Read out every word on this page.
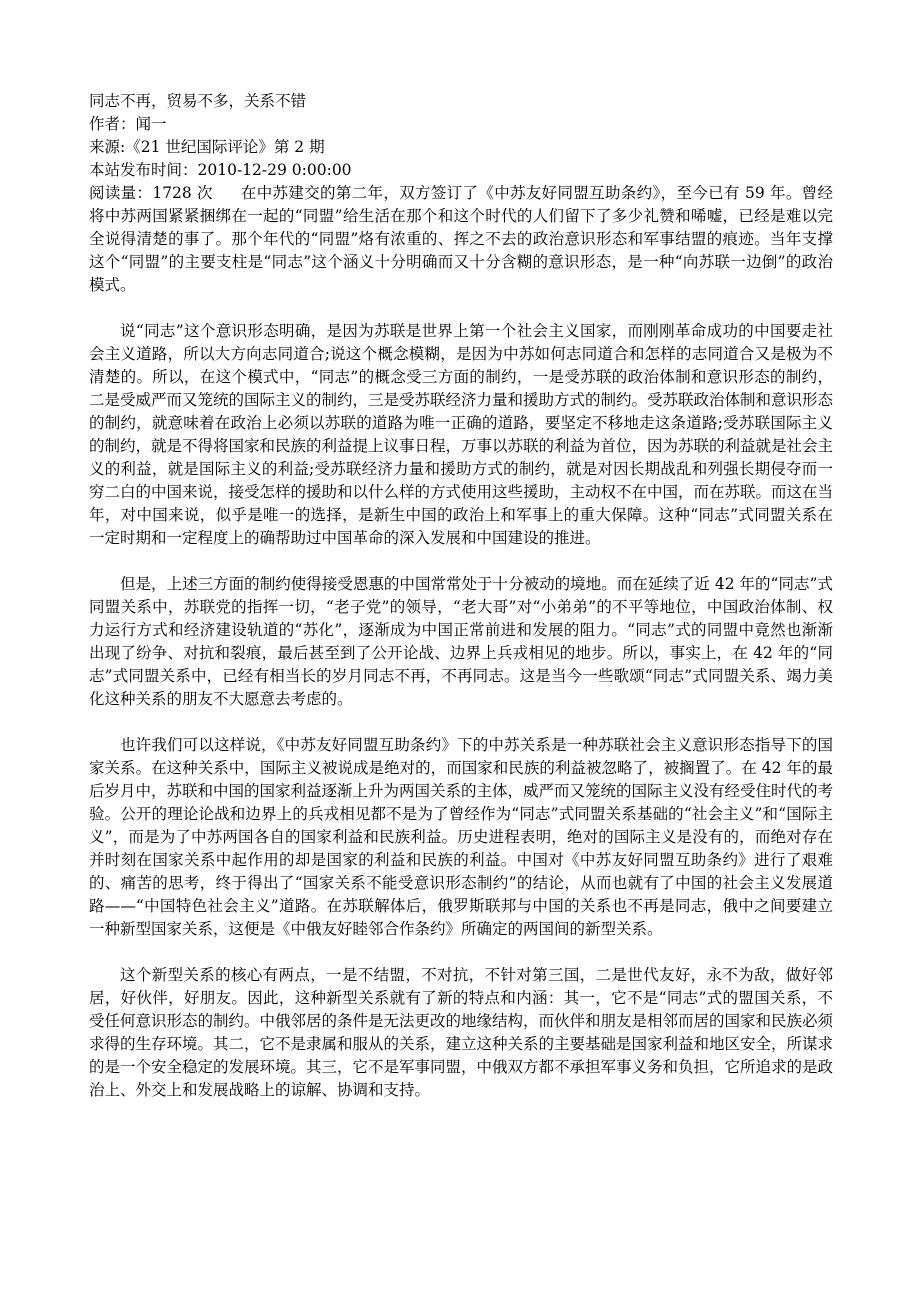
同志不再，贸易不多，关系不错
作者：闻一
来源:《21 世纪国际评论》第 2 期
本站发布时间：2010-12-29 0:00:00

阅读量：1728 次 在中苏建交的第二年，双方签订了《中苏友好同盟互助条约》，至今已有 59 年。曾经将中苏两国紧紧捆绑在一起的“同盟”给生活在那个和这个时代的人们留下了多少礼赞和唏嘘，已经是难以完全说得清楚的事了。那个年代的“同盟”烙有浓重的、挥之不去的政治意识形态和军事结盟的痕迹。当年支撑这个“同盟”的主要支柱是“同志”这个涵义十分明确而又十分含糊的意识形态，是一种“向苏联一边倒”的政治模式。

说“同志”这个意识形态明确，是因为苏联是世界上第一个社会主义国家，而刚刚革命成功的中国要走社会主义道路，所以大方向志同道合;说这个概念模糊，是因为中苏如何志同道合和怎样的志同道合又是极为不清楚的。所以，在这个模式中，“同志”的概念受三方面的制约，一是受苏联的政治体制和意识形态的制约，二是受威严而又笼统的国际主义的制约，三是受苏联经济力量和援助方式的制约。受苏联政治体制和意识形态的制约，就意味着在政治上必须以苏联的道路为唯一正确的道路，要坚定不移地走这条道路;受苏联国际主义的制约，就是不得将国家和民族的利益提上议事日程，万事以苏联的利益为首位，因为苏联的利益就是社会主义的利益，就是国际主义的利益;受苏联经济力量和援助方式的制约，就是对因长期战乱和列强长期侵夺而一穷二白的中国来说，接受怎样的援助和以什么样的方式使用这些援助，主动权不在中国，而在苏联。而这在当年，对中国来说，似乎是唯一的选择，是新生中国的政治上和军事上的重大保障。这种“同志”式同盟关系在一定时期和一定程度上的确帮助过中国革命的深入发展和中国建设的推进。

但是，上述三方面的制约使得接受恩惠的中国常常处于十分被动的境地。而在延续了近 42 年的“同志”式同盟关系中，苏联党的指挥一切，“老子党”的领导，“老大哥”对“小弟弟”的不平等地位，中国政治体制、权力运行方式和经济建设轨道的“苏化”，逐渐成为中国正常前进和发展的阻力。“同志”式的同盟中竟然也渐渐出现了纷争、对抗和裂痕，最后甚至到了公开论战、边界上兵戎相见的地步。所以，事实上，在 42 年的“同志”式同盟关系中，已经有相当长的岁月同志不再，不再同志。这是当今一些歌颂“同志”式同盟关系、竭力美化这种关系的朋友不大愿意去考虑的。

也许我们可以这样说，《中苏友好同盟互助条约》下的中苏关系是一种苏联社会主义意识形态指导下的国家关系。在这种关系中，国际主义被说成是绝对的，而国家和民族的利益被忽略了，被搁置了。在 42 年的最后岁月中，苏联和中国的国家利益逐渐上升为两国关系的主体，威严而又笼统的国际主义没有经受住时代的考验。公开的理论论战和边界上的兵戎相见都不是为了曾经作为“同志”式同盟关系基础的“社会主义”和“国际主义”，而是为了中苏两国各自的国家利益和民族利益。历史进程表明，绝对的国际主义是没有的，而绝对存在并时刻在国家关系中起作用的却是国家的利益和民族的利益。中国对《中苏友好同盟互助条约》进行了艰难的、痛苦的思考，终于得出了“国家关系不能受意识形态制约”的结论，从而也就有了中国的社会主义发展道路——“中国特色社会主义”道路。在苏联解体后，俄罗斯联邦与中国的关系也不再是同志，俄中之间要建立一种新型国家关系，这便是《中俄友好睦邻合作条约》所确定的两国间的新型关系。

这个新型关系的核心有两点，一是不结盟，不对抗，不针对第三国，二是世代友好，永不为敌，做好邻居，好伙伴，好朋友。因此，这种新型关系就有了新的特点和内涵：其一，它不是“同志”式的盟国关系，不受任何意识形态的制约。中俄邻居的条件是无法更改的地缘结构，而伙伴和朋友是相邻而居的国家和民族必须求得的生存环境。其二，它不是隶属和服从的关系，建立这种关系的主要基础是国家利益和地区安全，所谋求的是一个安全稳定的发展环境。其三，它不是军事同盟，中俄双方都不承担军事义务和负担，它所追求的是政治上、外交上和发展战略上的谅解、协调和支持。
